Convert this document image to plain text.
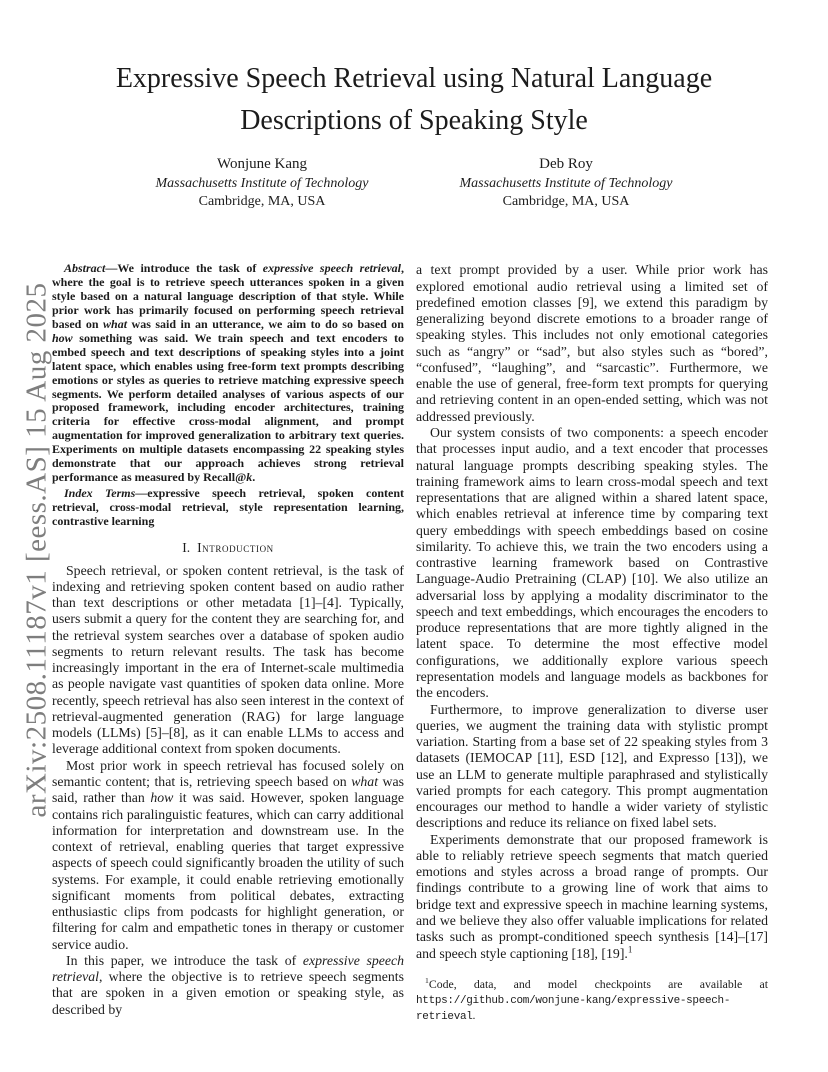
arXiv:2508.11187v1 [eess.AS] 15 Aug 2025
Expressive Speech Retrieval using Natural Language Descriptions of Speaking Style
Wonjune Kang
Massachusetts Institute of Technology
Cambridge, MA, USA
Deb Roy
Massachusetts Institute of Technology
Cambridge, MA, USA

Abstract—We introduce the task of expressive speech retrieval, where the goal is to retrieve speech utterances spoken in a given style based on a natural language description of that style. While prior work has primarily focused on performing speech retrieval based on what was said in an utterance, we aim to do so based on how something was said. We train speech and text encoders to embed speech and text descriptions of speaking styles into a joint latent space, which enables using free-form text prompts describing emotions or styles as queries to retrieve matching expressive speech segments. We perform detailed analyses of various aspects of our proposed framework, including encoder architectures, training criteria for effective cross-modal alignment, and prompt augmentation for improved generalization to arbitrary text queries. Experiments on multiple datasets encompassing 22 speaking styles demonstrate that our approach achieves strong retrieval performance as measured by Recall@k.

Index Terms—expressive speech retrieval, spoken content retrieval, cross-modal retrieval, style representation learning, contrastive learning

I. Introduction

Speech retrieval, or spoken content retrieval, is the task of indexing and retrieving spoken content based on audio rather than text descriptions or other metadata [1]–[4]. Typically, users submit a query for the content they are searching for, and the retrieval system searches over a database of spoken audio segments to return relevant results. The task has become increasingly important in the era of Internet-scale multimedia as people navigate vast quantities of spoken data online. More recently, speech retrieval has also seen interest in the context of retrieval-augmented generation (RAG) for large language models (LLMs) [5]–[8], as it can enable LLMs to access and leverage additional context from spoken documents.

Most prior work in speech retrieval has focused solely on semantic content; that is, retrieving speech based on what was said, rather than how it was said. However, spoken language contains rich paralinguistic features, which can carry additional information for interpretation and downstream use. In the context of retrieval, enabling queries that target expressive aspects of speech could significantly broaden the utility of such systems. For example, it could enable retrieving emotionally significant moments from political debates, extracting enthusiastic clips from podcasts for highlight generation, or filtering for calm and empathetic tones in therapy or customer service audio.

In this paper, we introduce the task of expressive speech retrieval, where the objective is to retrieve speech segments that are spoken in a given emotion or speaking style, as described by

a text prompt provided by a user. While prior work has explored emotional audio retrieval using a limited set of predefined emotion classes [9], we extend this paradigm by generalizing beyond discrete emotions to a broader range of speaking styles. This includes not only emotional categories such as “angry” or “sad”, but also styles such as “bored”, “confused”, “laughing”, and “sarcastic”. Furthermore, we enable the use of general, free-form text prompts for querying and retrieving content in an open-ended setting, which was not addressed previously.

Our system consists of two components: a speech encoder that processes input audio, and a text encoder that processes natural language prompts describing speaking styles. The training framework aims to learn cross-modal speech and text representations that are aligned within a shared latent space, which enables retrieval at inference time by comparing text query embeddings with speech embeddings based on cosine similarity. To achieve this, we train the two encoders using a contrastive learning framework based on Contrastive Language-Audio Pretraining (CLAP) [10]. We also utilize an adversarial loss by applying a modality discriminator to the speech and text embeddings, which encourages the encoders to produce representations that are more tightly aligned in the latent space. To determine the most effective model configurations, we additionally explore various speech representation models and language models as backbones for the encoders.

Furthermore, to improve generalization to diverse user queries, we augment the training data with stylistic prompt variation. Starting from a base set of 22 speaking styles from 3 datasets (IEMOCAP [11], ESD [12], and Expresso [13]), we use an LLM to generate multiple paraphrased and stylistically varied prompts for each category. This prompt augmentation encourages our method to handle a wider variety of stylistic descriptions and reduce its reliance on fixed label sets.

Experiments demonstrate that our proposed framework is able to reliably retrieve speech segments that match queried emotions and styles across a broad range of prompts. Our findings contribute to a growing line of work that aims to bridge text and expressive speech in machine learning systems, and we believe they also offer valuable implications for related tasks such as prompt-conditioned speech synthesis [14]–[17] and speech style captioning [18], [19].$^1$

$^1$Code, data, and model checkpoints are available at https://github.com/wonjune-kang/expressive-speech-retrieval.
